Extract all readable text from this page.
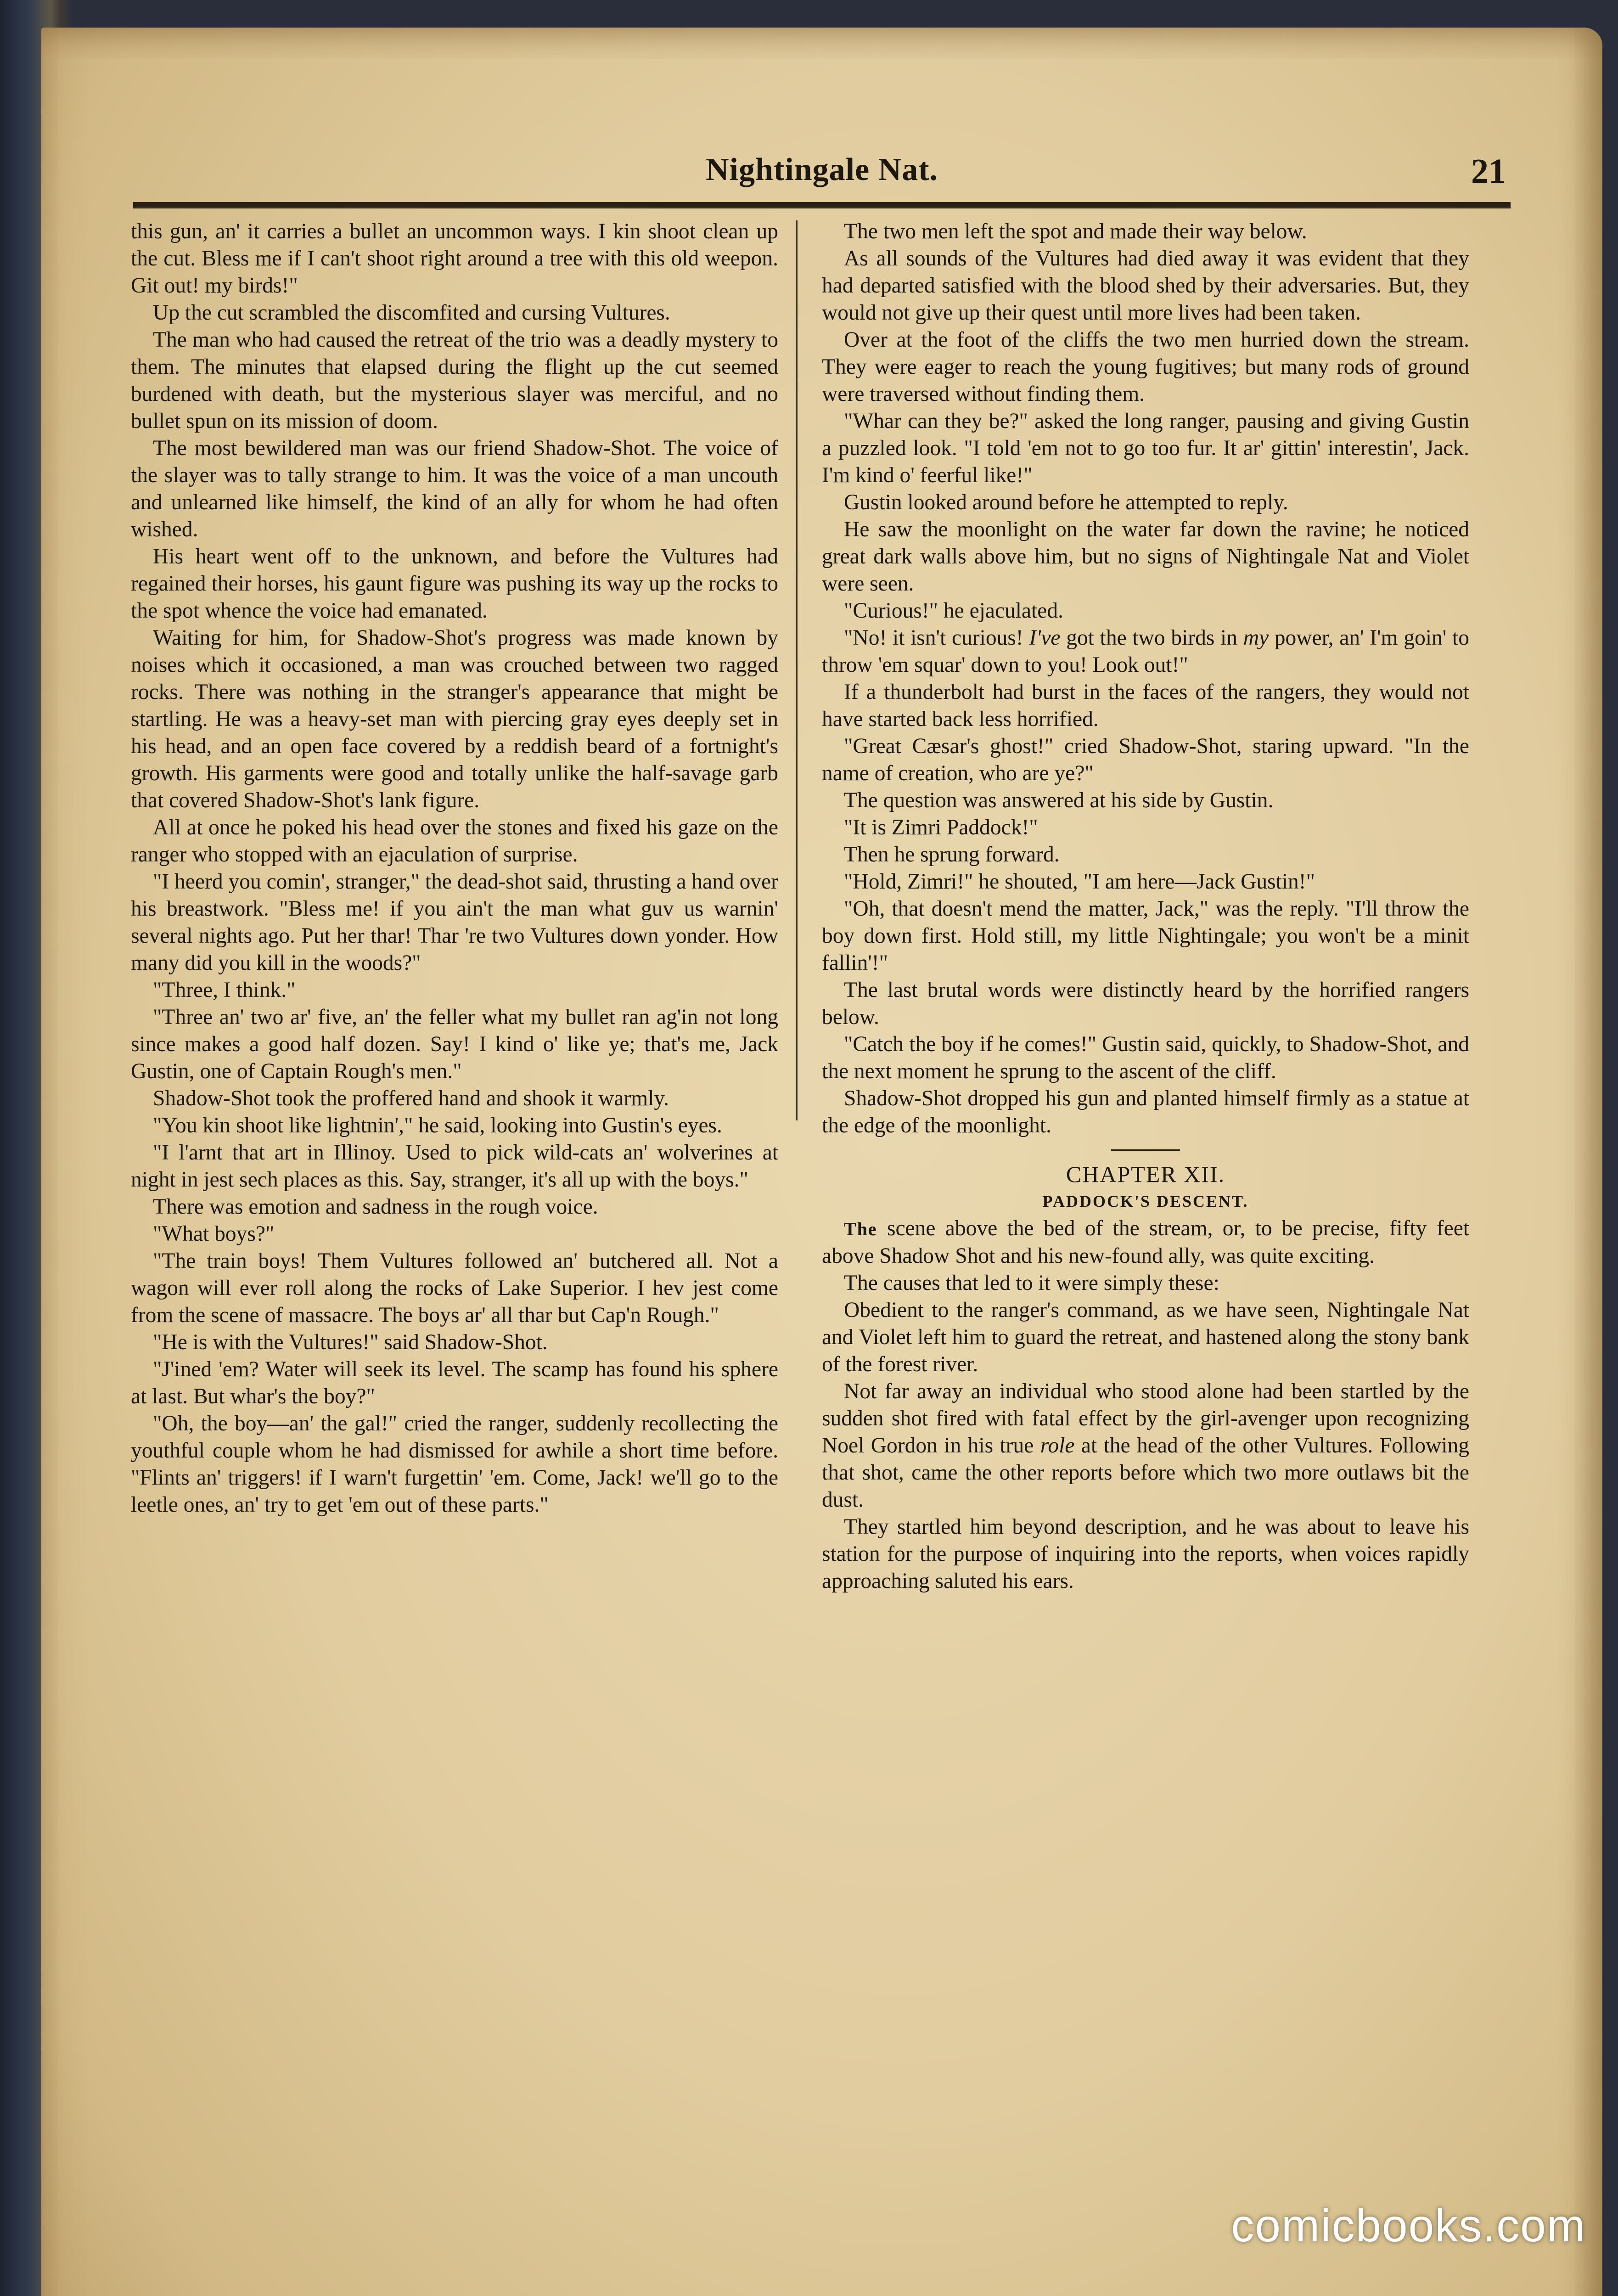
Nightingale Nat.	21

this gun, an' it carries a bullet an uncommon ways. I kin shoot clean up the cut. Bless me if I can't shoot right around a tree with this old weepon. Git out! my birds!"

Up the cut scrambled the discomfited and cursing Vultures.

The man who had caused the retreat of the trio was a deadly mystery to them. The minutes that elapsed during the flight up the cut seemed burdened with death, but the mysterious slayer was merciful, and no bullet spun on its mission of doom.

The most bewildered man was our friend Shadow-Shot. The voice of the slayer was to tally strange to him. It was the voice of a man uncouth and unlearned like himself, the kind of an ally for whom he had often wished.

His heart went off to the unknown, and before the Vultures had regained their horses, his gaunt figure was pushing its way up the rocks to the spot whence the voice had emanated.

Waiting for him, for Shadow-Shot's progress was made known by noises which it occasioned, a man was crouched between two ragged rocks. There was nothing in the stranger's appearance that might be startling. He was a heavy-set man with piercing gray eyes deeply set in his head, and an open face covered by a reddish beard of a fortnight's growth. His garments were good and totally unlike the half-savage garb that covered Shadow-Shot's lank figure.

All at once he poked his head over the stones and fixed his gaze on the ranger who stopped with an ejaculation of surprise.

"I heerd you comin', stranger," the dead-shot said, thrusting a hand over his breastwork. "Bless me! if you ain't the man what guv us warnin' several nights ago. Put her thar! Thar 're two Vultures down yonder. How many did you kill in the woods?"

"Three, I think."

"Three an' two ar' five, an' the feller what my bullet ran ag'in not long since makes a good half dozen. Say! I kind o' like ye; that's me, Jack Gustin, one of Captain Rough's men."

Shadow-Shot took the proffered hand and shook it warmly.

"You kin shoot like lightnin'," he said, looking into Gustin's eyes.

"I l'arnt that art in Illinoy. Used to pick wild-cats an' wolverines at night in jest sech places as this. Say, stranger, it's all up with the boys."

There was emotion and sadness in the rough voice.

"What boys?"

"The train boys! Them Vultures followed an' butchered all. Not a wagon will ever roll along the rocks of Lake Superior. I hev jest come from the scene of massacre. The boys ar' all thar but Cap'n Rough."

"He is with the Vultures!" said Shadow-Shot.

"J'ined 'em? Water will seek its level. The scamp has found his sphere at last. But whar's the boy?"

"Oh, the boy—an' the gal!" cried the ranger, suddenly recollecting the youthful couple whom he had dismissed for awhile a short time before. "Flints an' triggers! if I warn't furgettin' 'em. Come, Jack! we'll go to the leetle ones, an' try to get 'em out of these parts."

The two men left the spot and made their way below.

As all sounds of the Vultures had died away it was evident that they had departed satisfied with the blood shed by their adversaries. But, they would not give up their quest until more lives had been taken.

Over at the foot of the cliffs the two men hurried down the stream. They were eager to reach the young fugitives; but many rods of ground were traversed without finding them.

"Whar can they be?" asked the long ranger, pausing and giving Gustin a puzzled look. "I told 'em not to go too fur. It ar' gittin' interestin', Jack. I'm kind o' feerful like!"

Gustin looked around before he attempted to reply.

He saw the moonlight on the water far down the ravine; he noticed great dark walls above him, but no signs of Nightingale Nat and Violet were seen.

"Curious!" he ejaculated.

"No! it isn't curious! I've got the two birds in my power, an' I'm goin' to throw 'em squar' down to you! Look out!"

If a thunderbolt had burst in the faces of the rangers, they would not have started back less horrified.

"Great Cæsar's ghost!" cried Shadow-Shot, staring upward. "In the name of creation, who are ye?"

The question was answered at his side by Gustin.

"It is Zimri Paddock!"

Then he sprung forward.

"Hold, Zimri!" he shouted, "I am here—Jack Gustin!"

"Oh, that doesn't mend the matter, Jack," was the reply. "I'll throw the boy down first. Hold still, my little Nightingale; you won't be a minit fallin'!"

The last brutal words were distinctly heard by the horrified rangers below.

"Catch the boy if he comes!" Gustin said, quickly, to Shadow-Shot, and the next moment he sprung to the ascent of the cliff.

Shadow-Shot dropped his gun and planted himself firmly as a statue at the edge of the moonlight.

CHAPTER XII.

PADDOCK'S DESCENT.

The scene above the bed of the stream, or, to be precise, fifty feet above Shadow Shot and his new-found ally, was quite exciting.

The causes that led to it were simply these:

Obedient to the ranger's command, as we have seen, Nightingale Nat and Violet left him to guard the retreat, and hastened along the stony bank of the forest river.

Not far away an individual who stood alone had been startled by the sudden shot fired with fatal effect by the girl-avenger upon recognizing Noel Gordon in his true role at the head of the other Vultures. Following that shot, came the other reports before which two more outlaws bit the dust.

They startled him beyond description, and he was about to leave his station for the purpose of inquiring into the reports, when voices rapidly approaching saluted his ears.

comicbooks.com
